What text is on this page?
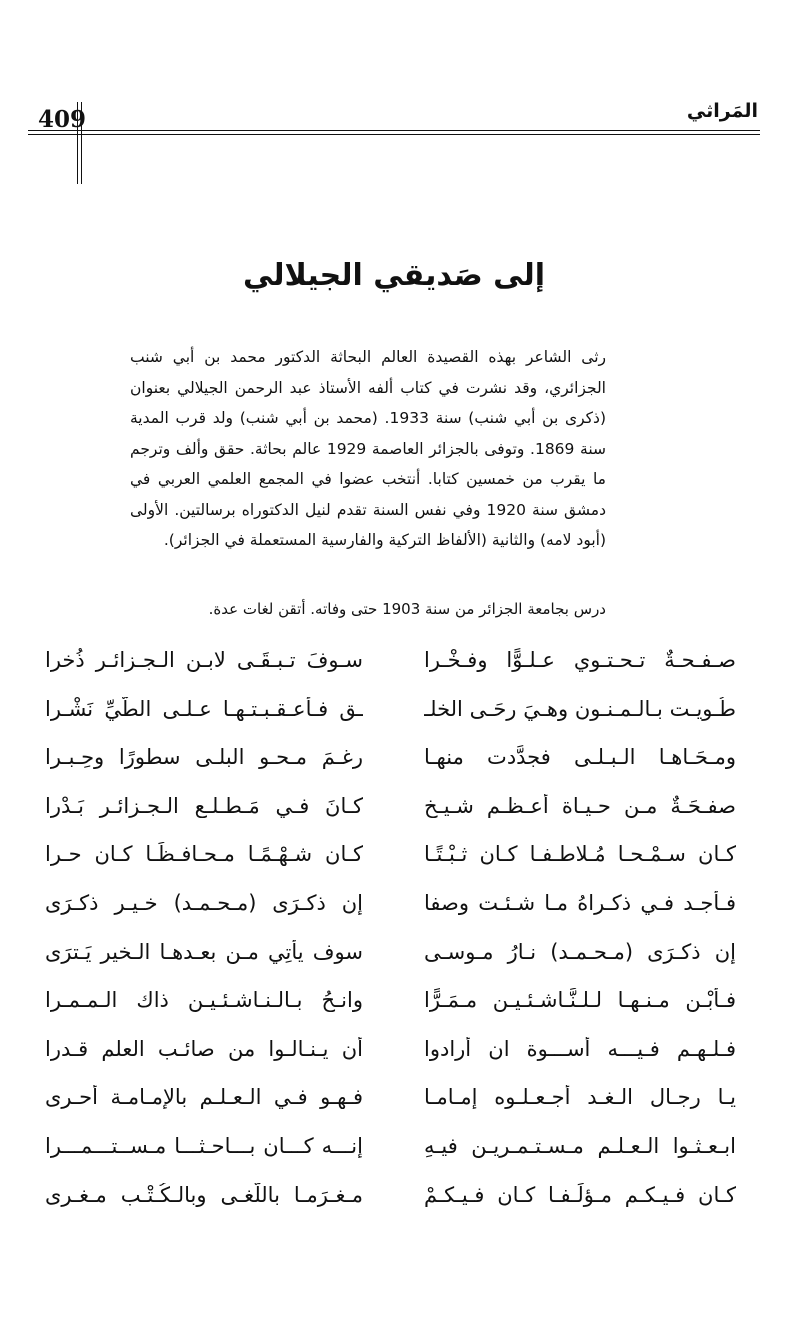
409	المَراثي
إلى صَديقي الجيلالي
رثى الشاعر بهذه القصيدة العالم البحاثة الدكتور محمد بن أبي شنب الجزائري، وقد نشرت في كتاب ألفه الأستاذ عبد الرحمن الجيلالي بعنوان (ذكرى بن أبي شنب) سنة 1933. (محمد بن أبي شنب) ولد قرب المدية سنة 1869. وتوفى بالجزائر العاصمة 1929 عالم بحاثة. حقق وألف وترجم ما يقرب من خمسين كتابا. أنتخب عضوا في المجمع العلمي العربي في دمشق سنة 1920 وفي نفس السنة تقدم لنيل الدكتوراه برسالتين. الأولى (أبود لامه) والثانية (الألفاظ التركية والفارسية المستعملة في الجزائر).
درس بجامعة الجزائر من سنة 1903 حتى وفاته. أتقن لغات عدة.
صـفـحـةٌ تـحـتـوي عـلـوًّا وفـخْـرا
سـوفَ تـبـقَـى لابـن الـجـزائـر ذُخرا
طُـويـت بـالـمـنـون وهـيَ رحَـى الخلـ
ـق فـأعـقـبـتـهـا عـلـى الطَّيِّ نَشْـرا
ومـحَـاهـا الـبـلـى فجدَّدت منهـا
رغـمَ مـحـوِ البلـى سطورًا وحِـبـرا
صفـحَـةٌ مـن حـيـاة أعـظـم شـيـخ
كـانَ فـي مَـطـلـع الـجـزائـر بَـدْرا
كـان سـمْـحـا مُـلاطـفـا كـان ثـبْـتًـا
كـان شـهْـمًـا مـحـافـظًـا كـان حـرا
فـأجـد فـي ذكـراهُ مـا شـئـت وصفا
إن ذكـرَى (مـحـمـد) خـيـر ذكـرَى
إن ذكـرَى (مـحـمـد) نـارُ مـوسـى
سوف يأتِي مـن بعـدهـا الـخير يَـترَى
فـأبْـنِ مـنـهـا لـلـنَّـاشـئـيـن مـمَـرًّا
وانـحُ بـالـنـاشـئـيـن ذاك الـمـمـرا
فـلـهـم فـيـــه أســـوة ان أرادوا
أن يـنـالـوا من صائـب العلم قـدرا
يـا رجـال الـغـد أجـعـلـوه إمـامـا
فـهـو فـي الـعـلـم بالإمـامـة أحـرى
ابـعـثـوا الـعـلـم مـسـتـمـريـن فيـهِ
إنـــه كـــان بـــاحـثـــا مـســتـــمـــرا
كـان فـيـكـم مـؤلِّـفـا كـان فـيـكـمْ
مـغـرَمـا باللُّغـى وبالـكُـتْـب مـغـرى
